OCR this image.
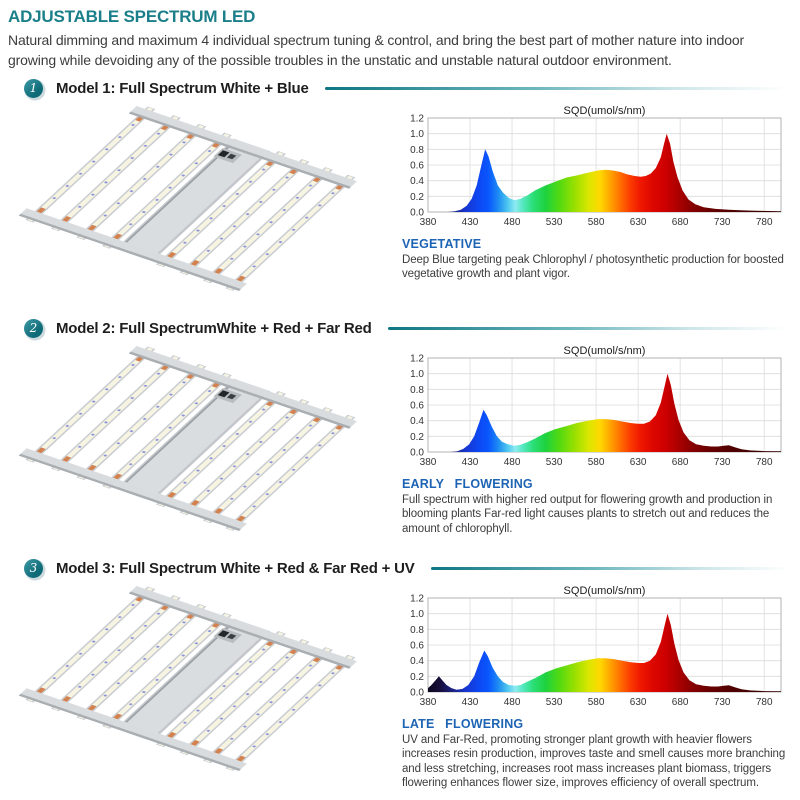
ADJUSTABLE SPECTRUM LED

Natural dimming and maximum 4 individual spectrum tuning & control, and bring the best part of mother nature into indoor growing while devoiding any of the possible troubles in the unstatic and unstable natural outdoor environment.

1 Model 1: Full Spectrum White + Blue
SQD(umol/s/nm)
1.2
1.0
0.8
0.6
0.4
0.2
0.0
380	430	480	530	580	630	680	730	780
VEGETATIVE

Deep Blue targeting peak Chlorophyl / photosynthetic production for boosted vegetative growth and plant vigor.

2 Model 2: Full SpectrumWhite + Red + Far Red
SQD(umol/s/nm)
1.2
1.0
0.8
0.6
0.4
0.2
0.0
380	430	480	530	580	630	680	730	780
EARLY FLOWERING

Full spectrum with higher red output for flowering growth and production in blooming plants Far-red light causes plants to stretch out and reduces the amount of chlorophyll.

3 Model 3: Full Spectrum White + Red & Far Red + UV
SQD(umol/s/nm)
1.2
1.0
0.8
0.6
0.4
0.2
0.0
380	430	480	530	580	630	680	730	780
LATE FLOWERING

UV and Far-Red, promoting stronger plant growth with heavier flowers increases resin production, improves taste and smell causes more branching and less stretching, increases root mass increases plant biomass, triggers flowering enhances flower size, improves efficiency of overall spectrum.
